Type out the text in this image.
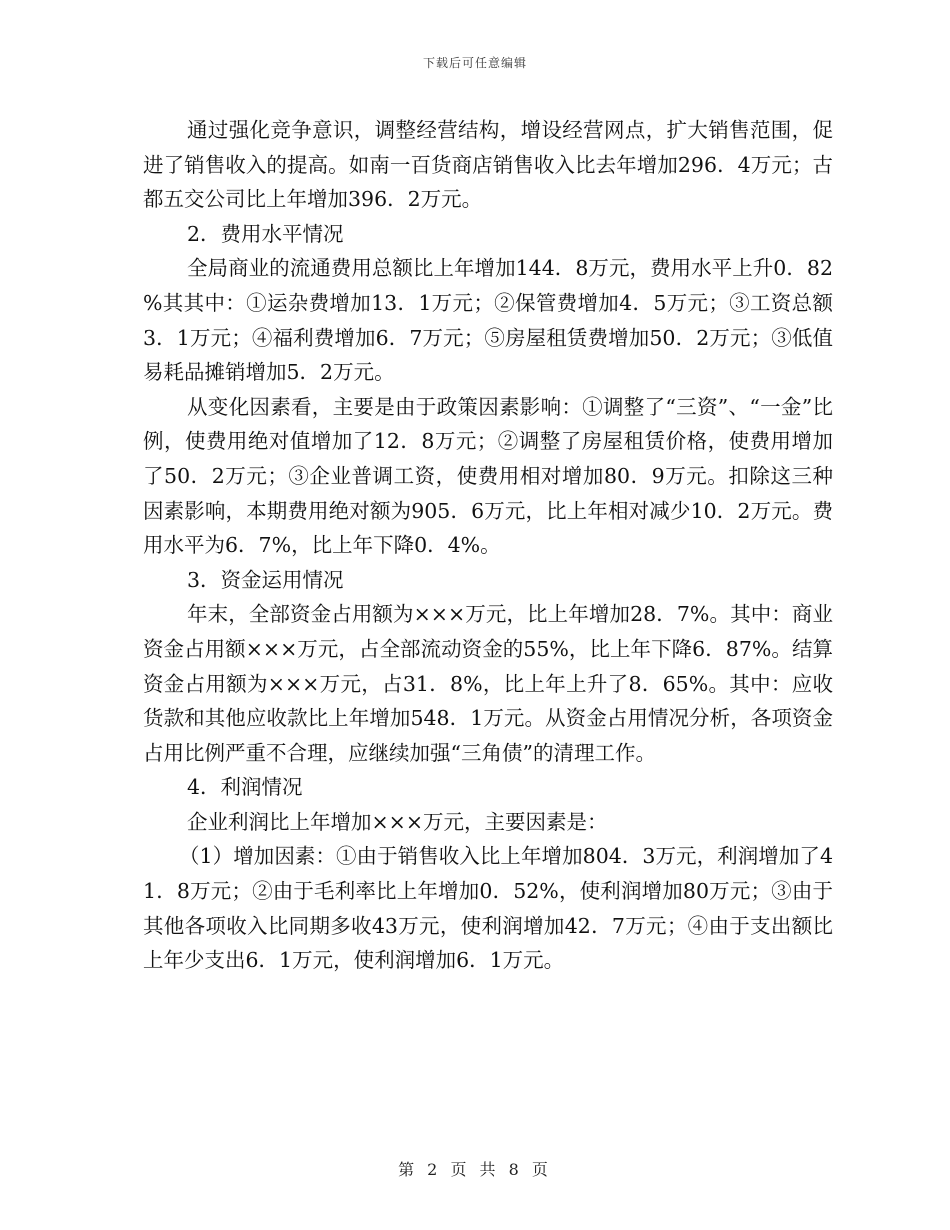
下载后可任意编辑

通过强化竞争意识，调整经营结构，增设经营网点，扩大销售范围，促进了销售收入的提高。如南一百货商店销售收入比去年增加296．4万元；古都五交公司比上年增加396．2万元。

2．费用水平情况

全局商业的流通费用总额比上年增加144．8万元，费用水平上升0．82%其其中：①运杂费增加13．1万元；②保管费增加4．5万元；③工资总额3．1万元；④福利费增加6．7万元；⑤房屋租赁费增加50．2万元；③低值易耗品摊销增加5．2万元。

从变化因素看，主要是由于政策因素影响：①调整了“三资”、“一金”比例，使费用绝对值增加了12．8万元；②调整了房屋租赁价格，使费用增加了50．2万元；③企业普调工资，使费用相对增加80．9万元。扣除这三种因素影响，本期费用绝对额为905．6万元，比上年相对减少10．2万元。费用水平为6．7%，比上年下降0．4%。

3．资金运用情况

年末，全部资金占用额为×××万元，比上年增加28．7%。其中：商业资金占用额×××万元，占全部流动资金的55%，比上年下降6．87%。结算资金占用额为×××万元，占31．8%，比上年上升了8．65%。其中：应收货款和其他应收款比上年增加548．1万元。从资金占用情况分析，各项资金占用比例严重不合理，应继续加强“三角债”的清理工作。

4．利润情况

企业利润比上年增加×××万元，主要因素是：

（1）增加因素：①由于销售收入比上年增加804．3万元，利润增加了41．8万元；②由于毛利率比上年增加0．52%，使利润增加80万元；③由于其他各项收入比同期多收43万元，使利润增加42．7万元；④由于支出额比上年少支出6．1万元，使利润增加6．1万元。

第 2 页 共 8 页
